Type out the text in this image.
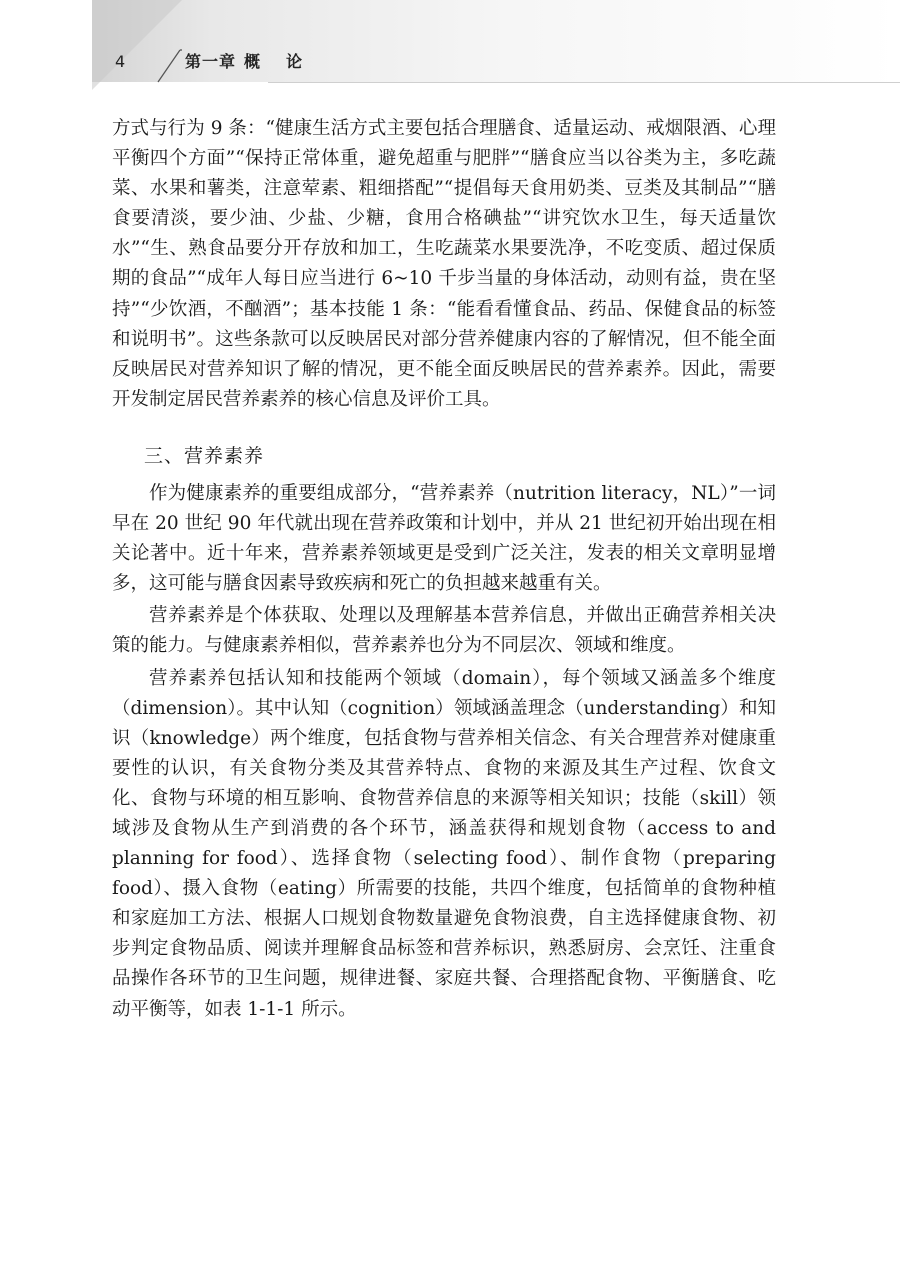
4	第一章 概论

方式与行为 9 条：“健康生活方式主要包括合理膳食、适量运动、戒烟限酒、心理平衡四个方面”“保持正常体重，避免超重与肥胖”“膳食应当以谷类为主，多吃蔬菜、水果和薯类，注意荤素、粗细搭配”“提倡每天食用奶类、豆类及其制品”“膳食要清淡，要少油、少盐、少糖，食用合格碘盐”“讲究饮水卫生，每天适量饮水”“生、熟食品要分开存放和加工，生吃蔬菜水果要洗净，不吃变质、超过保质期的食品”“成年人每日应当进行 6~10 千步当量的身体活动，动则有益，贵在坚持”“少饮酒，不酗酒”；基本技能 1 条：“能看看懂食品、药品、保健食品的标签和说明书”。这些条款可以反映居民对部分营养健康内容的了解情况，但不能全面反映居民对营养知识了解的情况，更不能全面反映居民的营养素养。因此，需要开发制定居民营养素养的核心信息及评价工具。

三、营养素养

作为健康素养的重要组成部分，“营养素养（nutrition literacy，NL）”一词早在 20 世纪 90 年代就出现在营养政策和计划中，并从 21 世纪初开始出现在相关论著中。近十年来，营养素养领域更是受到广泛关注，发表的相关文章明显增多，这可能与膳食因素导致疾病和死亡的负担越来越重有关。

营养素养是个体获取、处理以及理解基本营养信息，并做出正确营养相关决策的能力。与健康素养相似，营养素养也分为不同层次、领域和维度。

营养素养包括认知和技能两个领域（domain），每个领域又涵盖多个维度（dimension）。其中认知（cognition）领域涵盖理念（understanding）和知识（knowledge）两个维度，包括食物与营养相关信念、有关合理营养对健康重要性的认识，有关食物分类及其营养特点、食物的来源及其生产过程、饮食文化、食物与环境的相互影响、食物营养信息的来源等相关知识；技能（skill）领域涉及食物从生产到消费的各个环节，涵盖获得和规划食物（access to and planning for food）、选择食物（selecting food）、制作食物（preparing food）、摄入食物（eating）所需要的技能，共四个维度，包括简单的食物种植和家庭加工方法、根据人口规划食物数量避免食物浪费，自主选择健康食物、初步判定食物品质、阅读并理解食品标签和营养标识，熟悉厨房、会烹饪、注重食品操作各环节的卫生问题，规律进餐、家庭共餐、合理搭配食物、平衡膳食、吃动平衡等，如表 1-1-1 所示。
